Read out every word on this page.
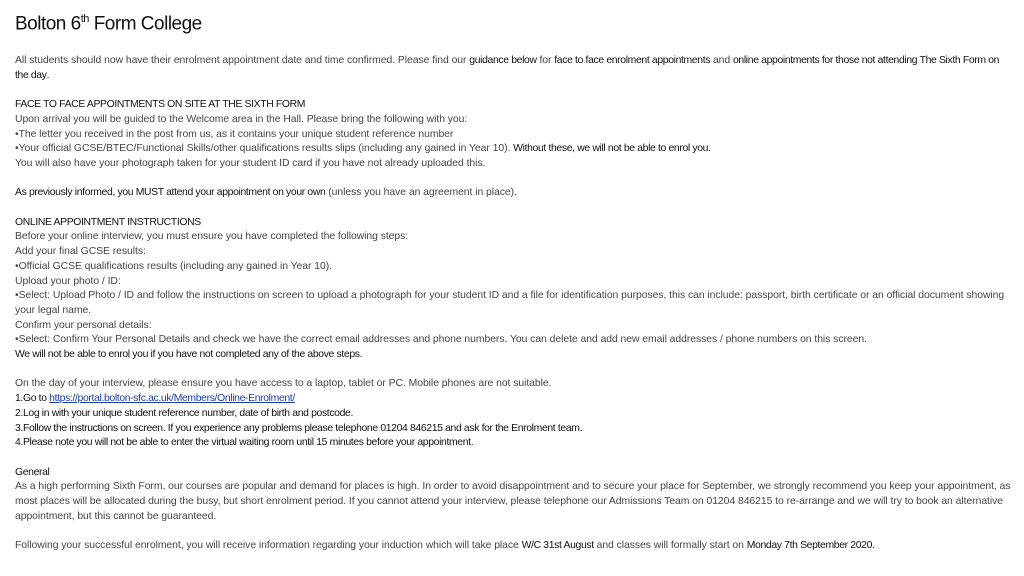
Bolton 6th Form College

All students should now have their enrolment appointment date and time confirmed. Please find our guidance below for face to face enrolment appointments and online appointments for those not attending The Sixth Form on the day.

FACE TO FACE APPOINTMENTS ON SITE AT THE SIXTH FORM

Upon arrival you will be guided to the Welcome area in the Hall. Please bring the following with you:

•The letter you received in the post from us, as it contains your unique student reference number

•Your official GCSE/BTEC/Functional Skills/other qualifications results slips (including any gained in Year 10). Without these, we will not be able to enrol you.

You will also have your photograph taken for your student ID card if you have not already uploaded this.

As previously informed, you MUST attend your appointment on your own (unless you have an agreement in place).

ONLINE APPOINTMENT INSTRUCTIONS

Before your online interview, you must ensure you have completed the following steps:

Add your final GCSE results:

•Official GCSE qualifications results (including any gained in Year 10).

Upload your photo / ID:

•Select: Upload Photo / ID and follow the instructions on screen to upload a photograph for your student ID and a file for identification purposes, this can include: passport, birth certificate or an official document showing your legal name.

Confirm your personal details:

•Select: Confirm Your Personal Details and check we have the correct email addresses and phone numbers. You can delete and add new email addresses / phone numbers on this screen.

We will not be able to enrol you if you have not completed any of the above steps.

On the day of your interview, please ensure you have access to a laptop, tablet or PC. Mobile phones are not suitable.

1.Go to https://portal.bolton-sfc.ac.uk/Members/Online-Enrolment/

2.Log in with your unique student reference number, date of birth and postcode.

3.Follow the instructions on screen. If you experience any problems please telephone 01204 846215 and ask for the Enrolment team.

4.Please note you will not be able to enter the virtual waiting room until 15 minutes before your appointment.

General

As a high performing Sixth Form, our courses are popular and demand for places is high. In order to avoid disappointment and to secure your place for September, we strongly recommend you keep your appointment, as most places will be allocated during the busy, but short enrolment period. If you cannot attend your interview, please telephone our Admissions Team on 01204 846215 to re-arrange and we will try to book an alternative appointment, but this cannot be guaranteed.

Following your successful enrolment, you will receive information regarding your induction which will take place W/C 31st August and classes will formally start on Monday 7th September 2020.
